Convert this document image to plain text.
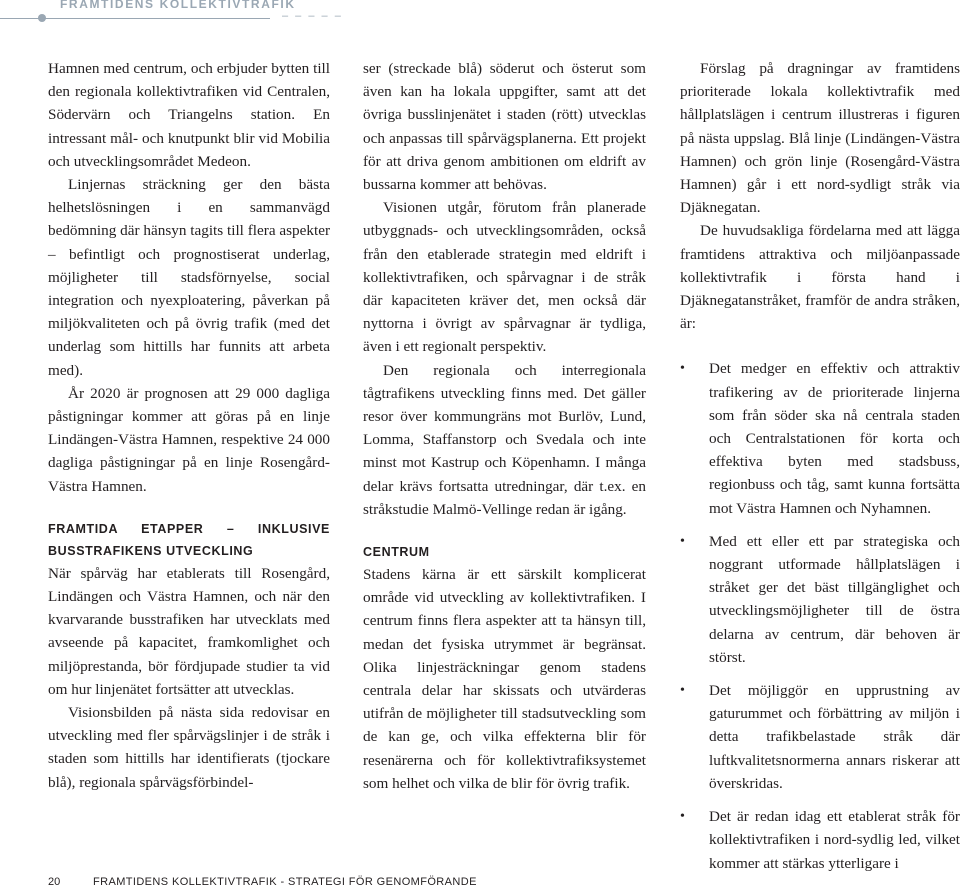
FRAMTIDENS KOLLEKTIVTRAFIK
– – – – –

Hamnen med centrum, och erbjuder bytten till den regionala kollektivtrafiken vid Centralen, Södervärn och Triangelns station. En intressant mål- och knutpunkt blir vid Mobilia och utvecklingsområdet Medeon.

Linjernas sträckning ger den bästa helhetslösningen i en sammanvägd bedömning där hänsyn tagits till flera aspekter – befintligt och prognostiserat underlag, möjligheter till stadsförnyelse, social integration och nyexploatering, påverkan på miljökvaliteten och på övrig trafik (med det underlag som hittills har funnits att arbeta med).

År 2020 är prognosen att 29 000 dagliga påstigningar kommer att göras på en linje Lindängen-Västra Hamnen, respektive 24 000 dagliga påstigningar på en linje Rosengård-Västra Hamnen.

FRAMTIDA ETAPPER – INKLUSIVE BUSSTRAFIKENS UTVECKLING

När spårväg har etablerats till Rosengård, Lindängen och Västra Hamnen, och när den kvarvarande busstrafiken har utvecklats med avseende på kapacitet, framkomlighet och miljöprestanda, bör fördjupade studier ta vid om hur linjenätet fortsätter att utvecklas.

Visionsbilden på nästa sida redovisar en utveckling med fler spårvägslinjer i de stråk i staden som hittills har identifierats (tjockare blå), regionala spårvägsförbindel-

ser (streckade blå) söderut och österut som även kan ha lokala uppgifter, samt att det övriga busslinjenätet i staden (rött) utvecklas och anpassas till spårvägsplanerna. Ett projekt för att driva genom ambitionen om eldrift av bussarna kommer att behövas.

Visionen utgår, förutom från planerade utbyggnads- och utvecklingsområden, också från den etablerade strategin med eldrift i kollektivtrafiken, och spårvagnar i de stråk där kapaciteten kräver det, men också där nyttorna i övrigt av spårvagnar är tydliga, även i ett regionalt perspektiv.

Den regionala och interregionala tågtrafikens utveckling finns med. Det gäller resor över kommungräns mot Burlöv, Lund, Lomma, Staffanstorp och Svedala och inte minst mot Kastrup och Köpenhamn. I många delar krävs fortsatta utredningar, där t.ex. en stråkstudie Malmö-Vellinge redan är igång.

CENTRUM

Stadens kärna är ett särskilt komplicerat område vid utveckling av kollektivtrafiken. I centrum finns flera aspekter att ta hänsyn till, medan det fysiska utrymmet är begränsat. Olika linjesträckningar genom stadens centrala delar har skissats och utvärderas utifrån de möjligheter till stadsutveckling som de kan ge, och vilka effekterna blir för resenärerna och för kollektivtrafiksystemet som helhet och vilka de blir för övrig trafik.

Förslag på dragningar av framtidens prioriterade lokala kollektivtrafik med hållplatslägen i centrum illustreras i figuren på nästa uppslag. Blå linje (Lindängen-Västra Hamnen) och grön linje (Rosengård-Västra Hamnen) går i ett nord-sydligt stråk via Djäknegatan.

De huvudsakliga fördelarna med att lägga framtidens attraktiva och miljöanpassade kollektivtrafik i första hand i Djäknegatanstråket, framför de andra stråken, är:

• Det medger en effektiv och attraktiv trafikering av de prioriterade linjerna som från söder ska nå centrala staden och Centralstationen för korta och effektiva byten med stadsbuss, regionbuss och tåg, samt kunna fortsätta mot Västra Hamnen och Nyhamnen.
• Med ett eller ett par strategiska och noggrant utformade hållplatslägen i stråket ger det bäst tillgänglighet och utvecklingsmöjligheter till de östra delarna av centrum, där behoven är störst.
• Det möjliggör en upprustning av gaturummet och förbättring av miljön i detta trafikbelastade stråk där luftkvalitetsnormerna annars riskerar att överskridas.
• Det är redan idag ett etablerat stråk för kollektivtrafiken i nord-sydlig led, vilket kommer att stärkas ytterligare i
20	FRAMTIDENS KOLLEKTIVTRAFIK - STRATEGI FÖR GENOMFÖRANDE
